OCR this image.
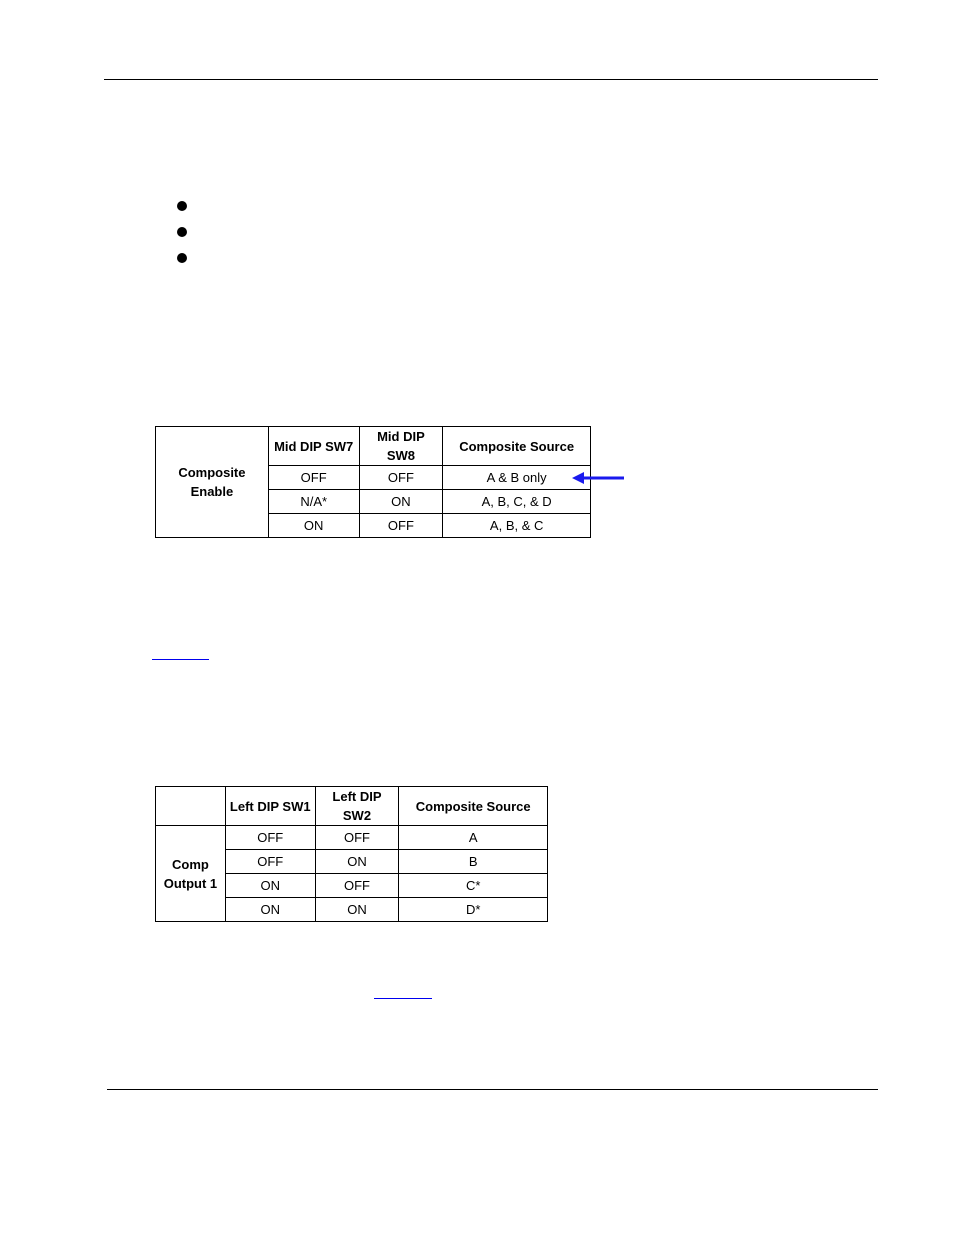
Composite Enable	Mid DIP SW7	Mid DIP SW8	Composite Source
	OFF	OFF	A & B only
	N/A*	ON	A, B, C, & D
	ON	OFF	A, B, & C
	Left DIP SW1	Left DIP SW2	Composite Source
Comp Output 1	OFF	OFF	A
	OFF	ON	B
	ON	OFF	C*
	ON	ON	D*
